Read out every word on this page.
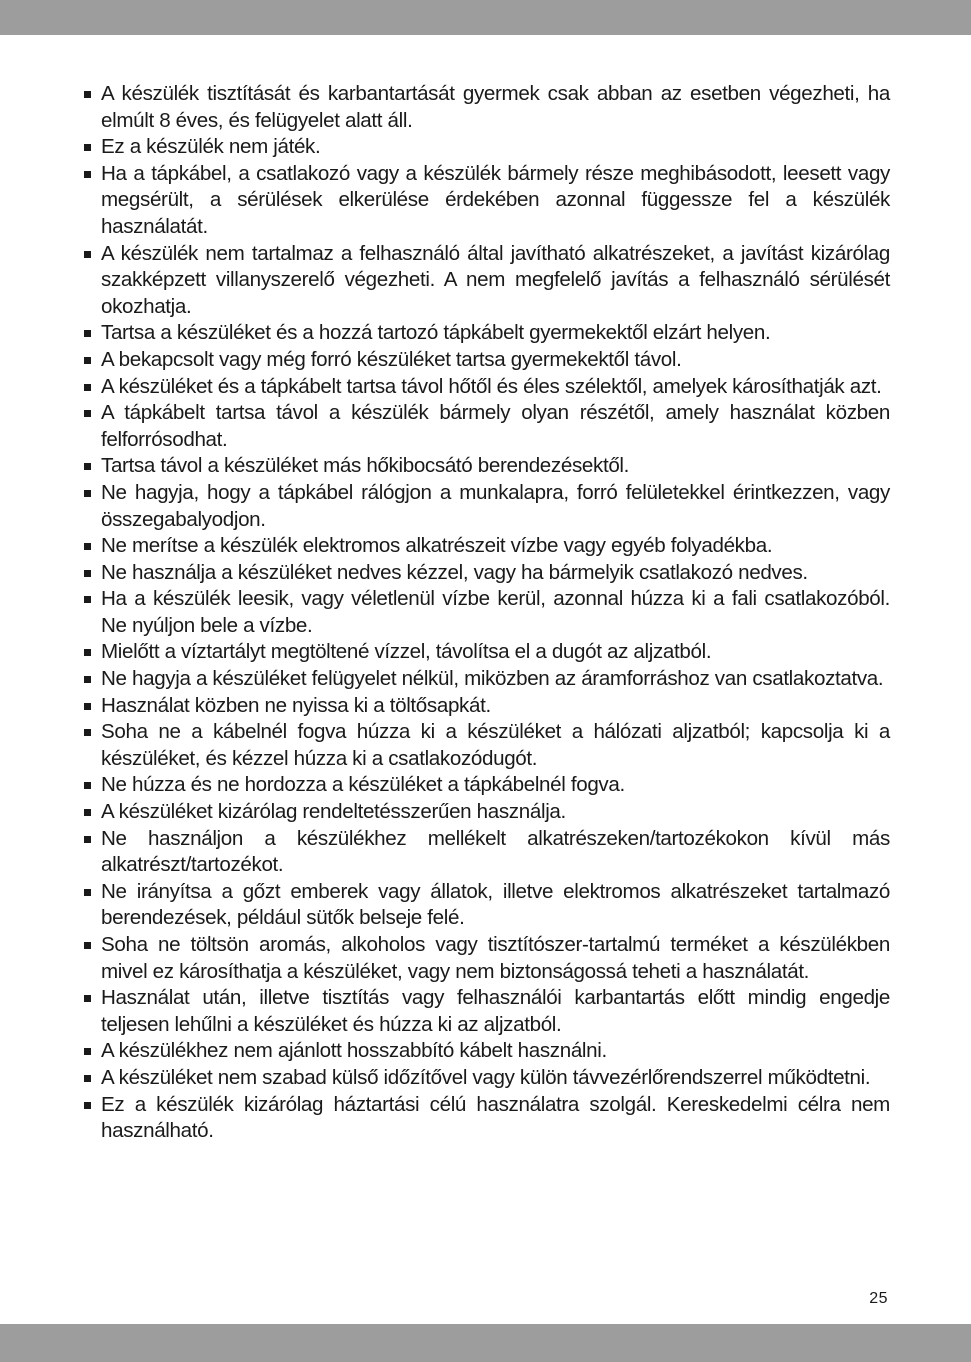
A készülék tisztítását és karbantartását gyermek csak abban az esetben végezheti, ha elmúlt 8 éves, és felügyelet alatt áll.
Ez a készülék nem játék.
Ha a tápkábel, a csatlakozó vagy a készülék bármely része meghibásodott, leesett vagy megsérült, a sérülések elkerülése érdekében azonnal függessze fel a készülék használatát.
A készülék nem tartalmaz a felhasználó által javítható alkatrészeket, a javítást kizárólag szakképzett villanyszerelő végezheti. A nem megfelelő javítás a felhasználó sérülését okozhatja.
Tartsa a készüléket és a hozzá tartozó tápkábelt gyermekektől elzárt helyen.
A bekapcsolt vagy még forró készüléket tartsa gyermekektől távol.
A készüléket és a tápkábelt tartsa távol hőtől és éles szélektől, amelyek károsíthatják azt.
A tápkábelt tartsa távol a készülék bármely olyan részétől, amely használat közben felforrósodhat.
Tartsa távol a készüléket más hőkibocsátó berendezésektől.
Ne hagyja, hogy a tápkábel rálógjon a munkalapra, forró felületekkel érintkezzen, vagy összegabalyodjon.
Ne merítse a készülék elektromos alkatrészeit vízbe vagy egyéb folyadékba.
Ne használja a készüléket nedves kézzel, vagy ha bármelyik csatlakozó nedves.
Ha a készülék leesik, vagy véletlenül vízbe kerül, azonnal húzza ki a fali csatlakozóból. Ne nyúljon bele a vízbe.
Mielőtt a víztartályt megtöltené vízzel, távolítsa el a dugót az aljzatból.
Ne hagyja a készüléket felügyelet nélkül, miközben az áramforráshoz van csatlakoztatva.
Használat közben ne nyissa ki a töltősapkát.
Soha ne a kábelnél fogva húzza ki a készüléket a hálózati aljzatból; kapcsolja ki a készüléket, és kézzel húzza ki a csatlakozódugót.
Ne húzza és ne hordozza a készüléket a tápkábelnél fogva.
A készüléket kizárólag rendeltetésszerűen használja.
Ne használjon a készülékhez mellékelt alkatrészeken/tartozékokon kívül más alkatrészt/tartozékot.
Ne irányítsa a gőzt emberek vagy állatok, illetve elektromos alkatrészeket tartalmazó berendezések, például sütők belseje felé.
Soha ne töltsön aromás, alkoholos vagy tisztítószer-tartalmú terméket a készülékben mivel ez károsíthatja a készüléket, vagy nem biztonságossá teheti a használatát.
Használat után, illetve tisztítás vagy felhasználói karbantartás előtt mindig engedje teljesen lehűlni a készüléket és húzza ki az aljzatból.
A készülékhez nem ajánlott hosszabbító kábelt használni.
A készüléket nem szabad külső időzítővel vagy külön távvezérlőrendszerrel működtetni.
Ez a készülék kizárólag háztartási célú használatra szolgál. Kereskedelmi célra nem használható.
25
